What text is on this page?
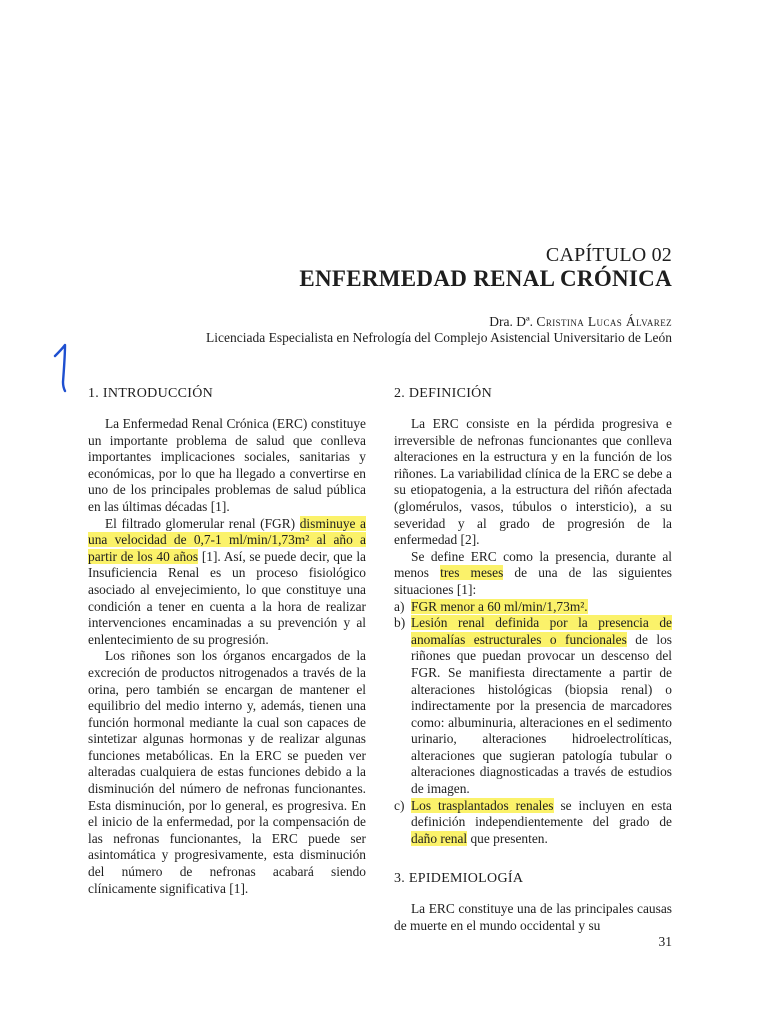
CAPÍTULO 02
ENFERMEDAD RENAL CRÓNICA
Dra. Dª. Cristina Lucas Álvarez
Licenciada Especialista en Nefrología del Complejo Asistencial Universitario de León
1. INTRODUCCIÓN

La Enfermedad Renal Crónica (ERC) constituye un importante problema de salud que conlleva importantes implicaciones sociales, sanitarias y económicas, por lo que ha llegado a convertirse en uno de los principales problemas de salud pública en las últimas décadas [1].

El filtrado glomerular renal (FGR) disminuye a una velocidad de 0,7-1 ml/min/1,73m² al año a partir de los 40 años [1]. Así, se puede decir, que la Insuficiencia Renal es un proceso fisiológico asociado al envejecimiento, lo que constituye una condición a tener en cuenta a la hora de realizar intervenciones encaminadas a su prevención y al enlentecimiento de su progresión.

Los riñones son los órganos encargados de la excreción de productos nitrogenados a través de la orina, pero también se encargan de mantener el equilibrio del medio interno y, además, tienen una función hormonal mediante la cual son capaces de sintetizar algunas hormonas y de realizar algunas funciones metabólicas. En la ERC se pueden ver alteradas cualquiera de estas funciones debido a la disminución del número de nefronas funcionantes. Esta disminución, por lo general, es progresiva. En el inicio de la enfermedad, por la compensación de las nefronas funcionantes, la ERC puede ser asintomática y progresivamente, esta disminución del número de nefronas acabará siendo clínicamente significativa [1].

2. DEFINICIÓN

La ERC consiste en la pérdida progresiva e irreversible de nefronas funcionantes que conlleva alteraciones en la estructura y en la función de los riñones. La variabilidad clínica de la ERC se debe a su etiopatogenia, a la estructura del riñón afectada (glomérulos, vasos, túbulos o intersticio), a su severidad y al grado de progresión de la enfermedad [2].

Se define ERC como la presencia, durante al menos tres meses de una de las siguientes situaciones [1]:

a) FGR menor a 60 ml/min/1,73m².
b) Lesión renal definida por la presencia de anomalías estructurales o funcionales de los riñones que puedan provocar un descenso del FGR. Se manifiesta directamente a partir de alteraciones histológicas (biopsia renal) o indirectamente por la presencia de marcadores como: albuminuria, alteraciones en el sedimento urinario, alteraciones hidroelectrolíticas, alteraciones que sugieran patología tubular o alteraciones diagnosticadas a través de estudios de imagen.
c) Los trasplantados renales se incluyen en esta definición independientemente del grado de daño renal que presenten.
3. EPIDEMIOLOGÍA

La ERC constituye una de las principales causas de muerte en el mundo occidental y su

31
